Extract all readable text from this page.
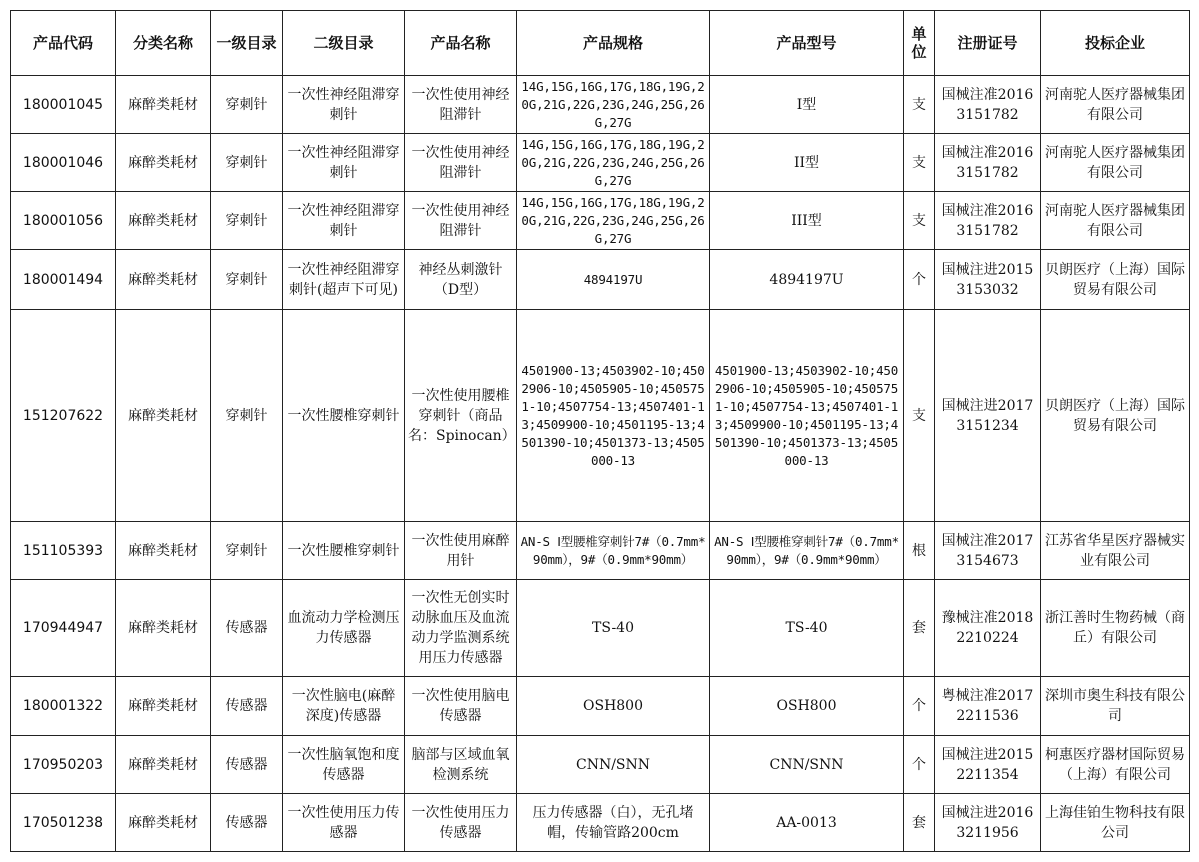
产品代码	分类名称	一级目录	二级目录	产品名称	产品规格	产品型号	单位	注册证号	投标企业
180001045	麻醉类耗材	穿刺针	一次性神经阻滞穿刺针	一次性使用神经阻滞针	14G,15G,16G,17G,18G,19G,20G,21G,22G,23G,24G,25G,26G,27G	I型	支	国械注准20163151782	河南驼人医疗器械集团有限公司
180001046	麻醉类耗材	穿刺针	一次性神经阻滞穿刺针	一次性使用神经阻滞针	14G,15G,16G,17G,18G,19G,20G,21G,22G,23G,24G,25G,26G,27G	II型	支	国械注准20163151782	河南驼人医疗器械集团有限公司
180001056	麻醉类耗材	穿刺针	一次性神经阻滞穿刺针	一次性使用神经阻滞针	14G,15G,16G,17G,18G,19G,20G,21G,22G,23G,24G,25G,26G,27G	III型	支	国械注准20163151782	河南驼人医疗器械集团有限公司
180001494	麻醉类耗材	穿刺针	一次性神经阻滞穿刺针(超声下可见)	神经丛刺激针（D型）	4894197U	4894197U	个	国械注进20153153032	贝朗医疗（上海）国际贸易有限公司
151207622	麻醉类耗材	穿刺针	一次性腰椎穿刺针	一次性使用腰椎穿刺针（商品名：Spinocan）	4501900-13;4503902-10;4502906-10;4505905-10;4505751-10;4507754-13;4507401-13;4509900-10;4501195-13;4501390-10;4501373-13;4505000-13	4501900-13;4503902-10;4502906-10;4505905-10;4505751-10;4507754-13;4507401-13;4509900-10;4501195-13;4501390-10;4501373-13;4505000-13	支	国械注进20173151234	贝朗医疗（上海）国际贸易有限公司
151105393	麻醉类耗材	穿刺针	一次性腰椎穿刺针	一次性使用麻醉用针	AN-S Ⅰ型腰椎穿刺针7#（0.7mm*90mm），9#（0.9mm*90mm）	AN-S Ⅰ型腰椎穿刺针7#（0.7mm*90mm），9#（0.9mm*90mm）	根	国械注准20173154673	江苏省华星医疗器械实业有限公司
170944947	麻醉类耗材	传感器	血流动力学检测压力传感器	一次性无创实时动脉血压及血流动力学监测系统用压力传感器	TS-40	TS-40	套	豫械注准20182210224	浙江善时生物药械（商丘）有限公司
180001322	麻醉类耗材	传感器	一次性脑电(麻醉深度)传感器	一次性使用脑电传感器	OSH800	OSH800	个	粤械注准20172211536	深圳市奥生科技有限公司
170950203	麻醉类耗材	传感器	一次性脑氧饱和度传感器	脑部与区域血氧检测系统	CNN/SNN	CNN/SNN	个	国械注进20152211354	柯惠医疗器材国际贸易（上海）有限公司
170501238	麻醉类耗材	传感器	一次性使用压力传感器	一次性使用压力传感器	压力传感器（白），无孔堵帽，传输管路200cm	AA-0013	套	国械注进20163211956	上海佳铂生物科技有限公司
